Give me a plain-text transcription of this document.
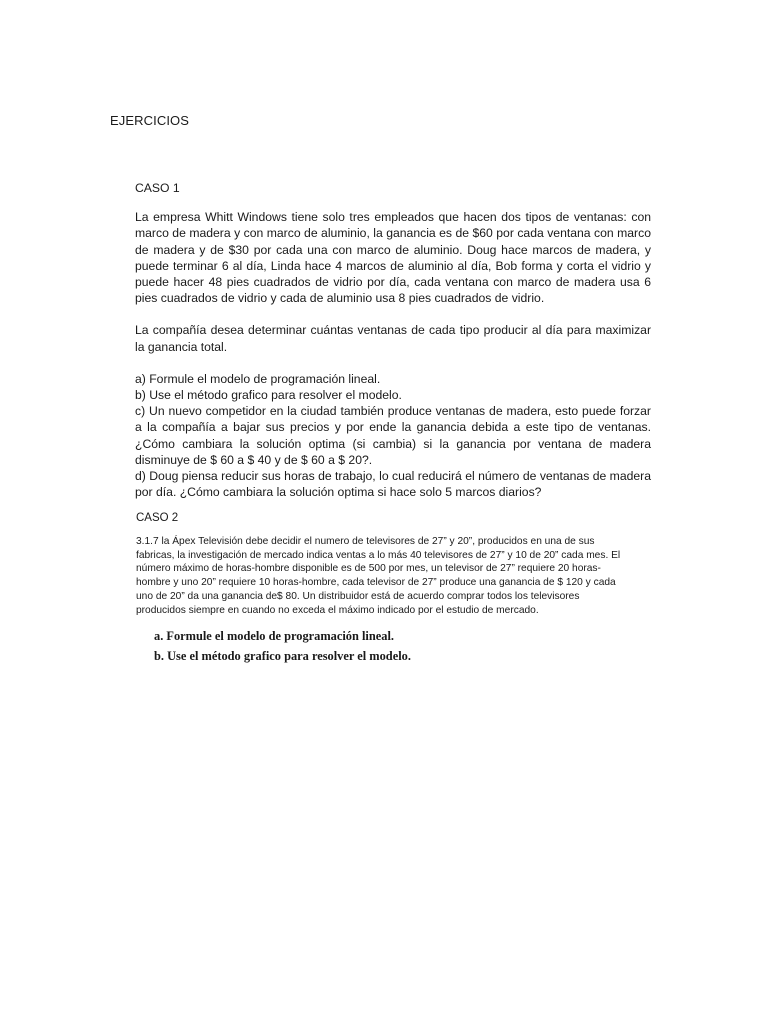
EJERCICIOS
CASO 1

La empresa Whitt Windows tiene solo tres empleados que hacen dos tipos de ventanas: con marco de madera y con marco de aluminio, la ganancia es de $60 por cada ventana con marco de madera y de $30 por cada una con marco de aluminio. Doug hace marcos de madera, y puede terminar 6 al día, Linda hace 4 marcos de aluminio al día, Bob forma y corta el vidrio y puede hacer 48 pies cuadrados de vidrio por día, cada ventana con marco de madera usa 6 pies cuadrados de vidrio y cada de aluminio usa 8 pies cuadrados de vidrio.

La compañía desea determinar cuántas ventanas de cada tipo producir al día para maximizar la ganancia total.

a) Formule el modelo de programación lineal.

b) Use el método grafico para resolver el modelo.

c) Un nuevo competidor en la ciudad también produce ventanas de madera, esto puede forzar a la compañía a bajar sus precios y por ende la ganancia debida a este tipo de ventanas. ¿Cómo cambiara la solución optima (si cambia) si la ganancia por ventana de madera disminuye de $ 60 a $ 40 y de $ 60 a $ 20?.

d) Doug piensa reducir sus horas de trabajo, lo cual reducirá el número de ventanas de madera por día. ¿Cómo cambiara la solución optima si hace solo 5 marcos diarios?

CASO 2
3.1.7 la Ápex Televisión debe decidir el numero de televisores de 27” y 20”, producidos en una de sus
fabricas, la investigación de mercado indica ventas a lo más 40 televisores de 27” y 10 de 20” cada mes. El
número máximo de horas-hombre disponible es de 500 por mes, un televisor de 27” requiere 20 horas-
hombre y uno 20” requiere 10 horas-hombre, cada televisor de 27” produce una ganancia de $ 120 y cada
uno de 20” da una ganancia de$ 80. Un distribuidor está de acuerdo comprar todos los televisores
producidos siempre en cuando no exceda el máximo indicado por el estudio de mercado.
a. Formule el modelo de programación lineal.
b. Use el método grafico para resolver el modelo.
